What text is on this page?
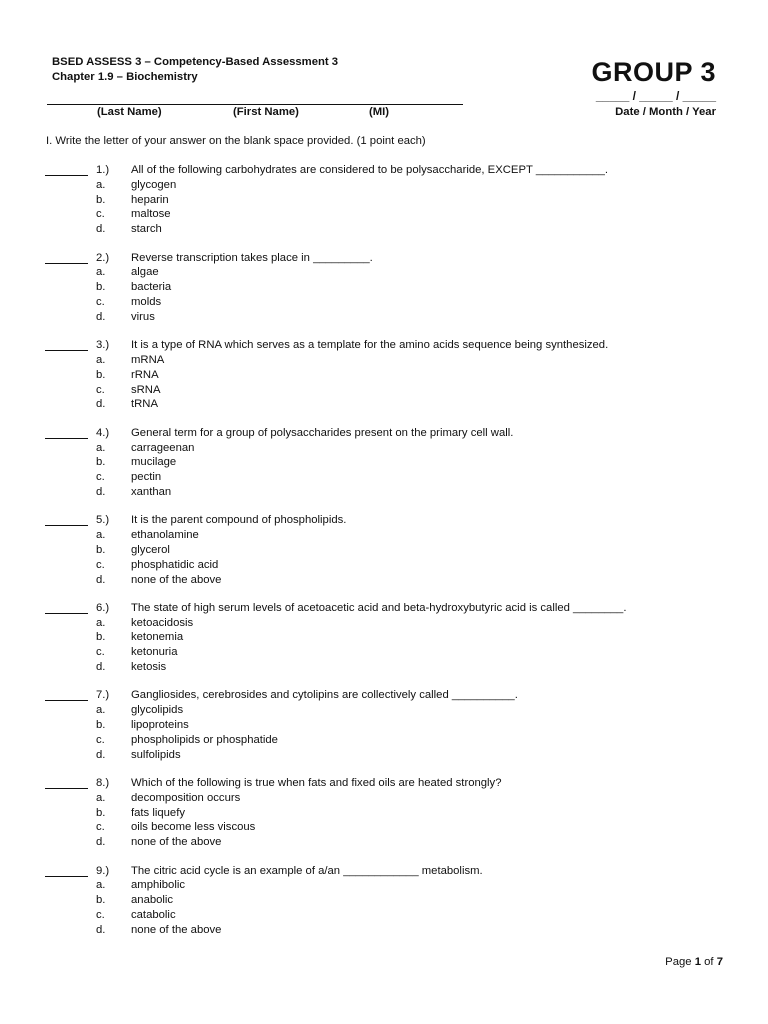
BSED ASSESS 3 – Competency-Based Assessment 3
Chapter 1.9 – Biochemistry	GROUP 3
(Last Name)	(First Name)	(MI)
_____ / _____ / _____
Date / Month / Year
I. Write the letter of your answer on the blank space provided. (1 point each)
1.)	All of the following carbohydrates are considered to be polysaccharide, EXCEPT ___________.
a.	glycogen
b.	heparin
c.	maltose
d.	starch
2.)	Reverse transcription takes place in _________.
a.	algae
b.	bacteria
c.	molds
d.	virus
3.)	It is a type of RNA which serves as a template for the amino acids sequence being synthesized.
a.	mRNA
b.	rRNA
c.	sRNA
d.	tRNA
4.)	General term for a group of polysaccharides present on the primary cell wall.
a.	carrageenan
b.	mucilage
c.	pectin
d.	xanthan
5.)	It is the parent compound of phospholipids.
a.	ethanolamine
b.	glycerol
c.	phosphatidic acid
d.	none of the above
6.)	The state of high serum levels of acetoacetic acid and beta-hydroxybutyric acid is called ________.
a.	ketoacidosis
b.	ketonemia
c.	ketonuria
d.	ketosis
7.)	Gangliosides, cerebrosides and cytolipins are collectively called __________.
a.	glycolipids
b.	lipoproteins
c.	phospholipids or phosphatide
d.	sulfolipids
8.)	Which of the following is true when fats and fixed oils are heated strongly?
a.	decomposition occurs
b.	fats liquefy
c.	oils become less viscous
d.	none of the above
9.)	The citric acid cycle is an example of a/an ____________ metabolism.
a.	amphibolic
b.	anabolic
c.	catabolic
d.	none of the above
Page 1 of 7
